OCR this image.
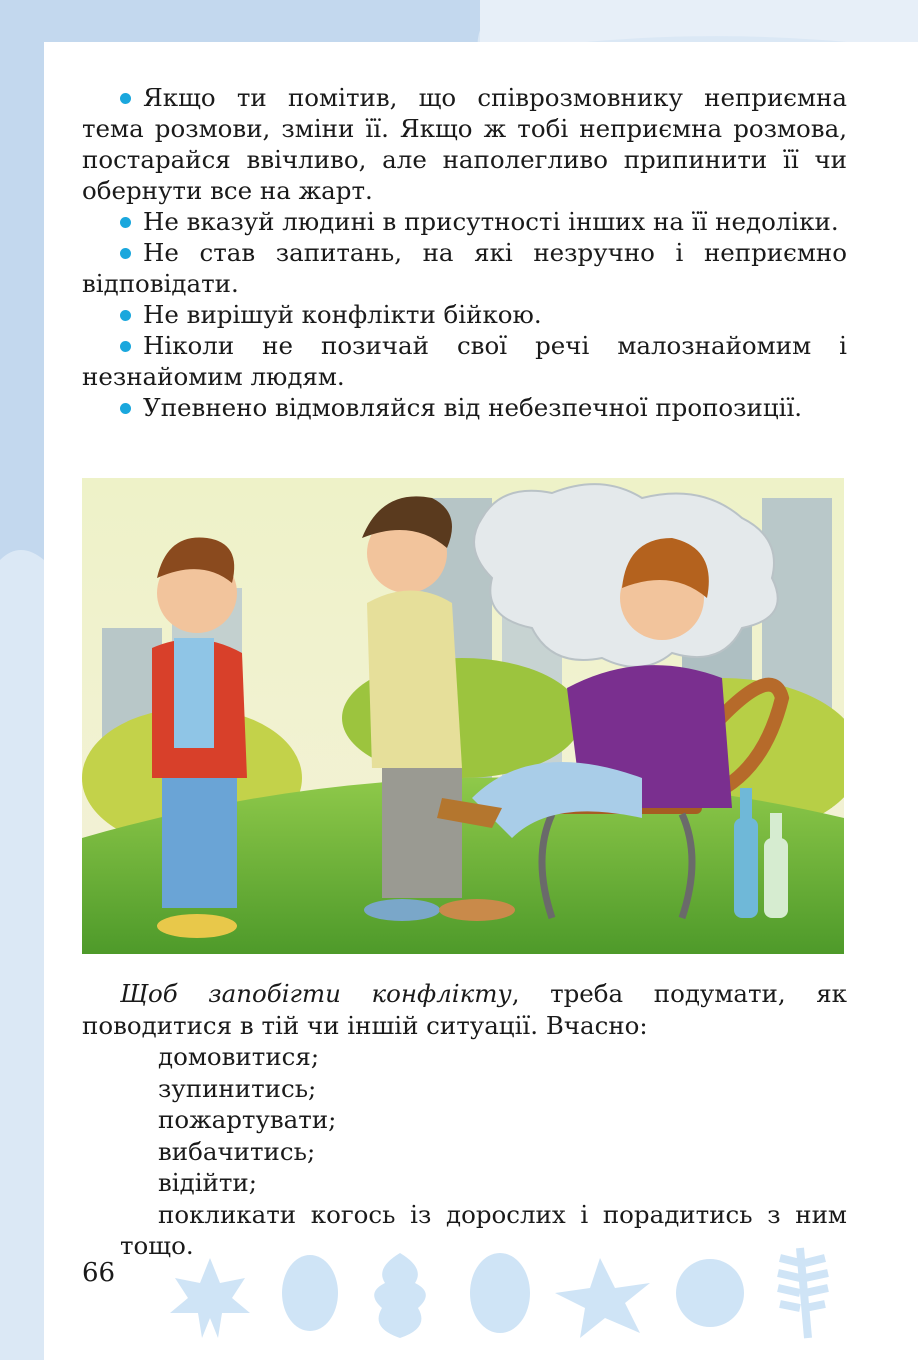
Якщо ти помітив, що співрозмовнику неприємна тема розмови, зміни її. Якщо ж тобі неприємна розмова, постарайся ввічливо, але наполегливо припинити її чи обернути все на жарт.

Не вказуй людині в присутності інших на її недоліки.

Не став запитань, на які незручно і неприємно відповідати.

Не вирішуй конфлікти бійкою.

Ніколи не позичай свої речі малознайомим і незнайомим людям.

Упевнено відмовляйся від небезпечної пропозиції.

Щоб запобігти конфлікту, треба подумати, як поводитися в тій чи іншій ситуації. Вчасно:

домовитися;

зупинитись;

пожартувати;

вибачитись;

відійти;

покликати когось із дорослих і порадитись з ним тощо.

66
